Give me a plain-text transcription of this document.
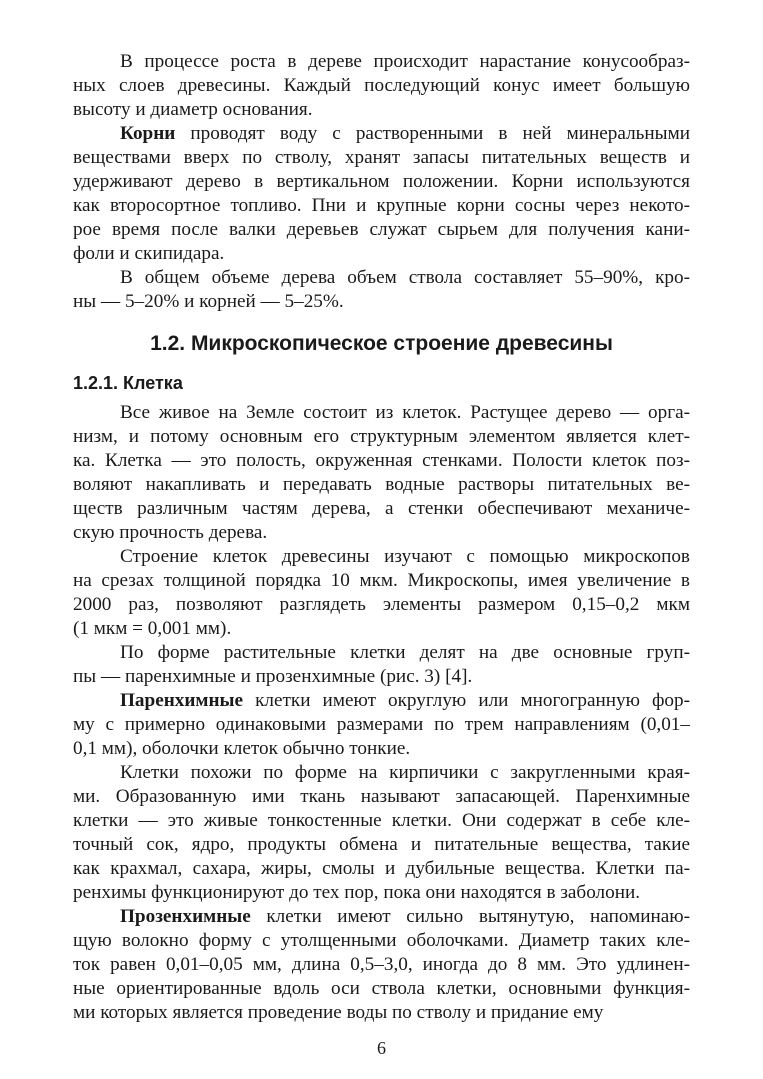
В процессе роста в дереве происходит нарастание конусообраз-
ных слоев древесины. Каждый последующий конус имеет большую
высоту и диаметр основания.
Корни проводят воду с растворенными в ней минеральными
веществами вверх по стволу, хранят запасы питательных веществ и
удерживают дерево в вертикальном положении. Корни используются
как второсортное топливо. Пни и крупные корни сосны через некото-
рое время после валки деревьев служат сырьем для получения кани-
фоли и скипидара.
В общем объеме дерева объем ствола составляет 55–90%, кро-
ны — 5–20% и корней — 5–25%.
1.2. Микроскопическое строение древесины
1.2.1. Клетка
Все живое на Земле состоит из клеток. Растущее дерево — орга-
низм, и потому основным его структурным элементом является клет-
ка. Клетка — это полость, окруженная стенками. Полости клеток поз-
воляют накапливать и передавать водные растворы питательных ве-
ществ различным частям дерева, а стенки обеспечивают механиче-
скую прочность дерева.
Строение клеток древесины изучают с помощью микроскопов
на срезах толщиной порядка 10 мкм. Микроскопы, имея увеличение в
2000 раз, позволяют разглядеть элементы размером 0,15–0,2 мкм
(1 мкм = 0,001 мм).
По форме растительные клетки делят на две основные груп-
пы — паренхимные и прозенхимные (рис. 3) [4].
Паренхимные клетки имеют округлую или многогранную фор-
му с примерно одинаковыми размерами по трем направлениям (0,01–
0,1 мм), оболочки клеток обычно тонкие.
Клетки похожи по форме на кирпичики с закругленными края-
ми. Образованную ими ткань называют запасающей. Паренхимные
клетки — это живые тонкостенные клетки. Они содержат в себе кле-
точный сок, ядро, продукты обмена и питательные вещества, такие
как крахмал, сахара, жиры, смолы и дубильные вещества. Клетки па-
ренхимы функционируют до тех пор, пока они находятся в заболони.
Прозенхимные клетки имеют сильно вытянутую, напоминаю-
щую волокно форму с утолщенными оболочками. Диаметр таких кле-
ток равен 0,01–0,05 мм, длина 0,5–3,0, иногда до 8 мм. Это удлинен-
ные ориентированные вдоль оси ствола клетки, основными функция-
ми которых является проведение воды по стволу и придание ему
6
